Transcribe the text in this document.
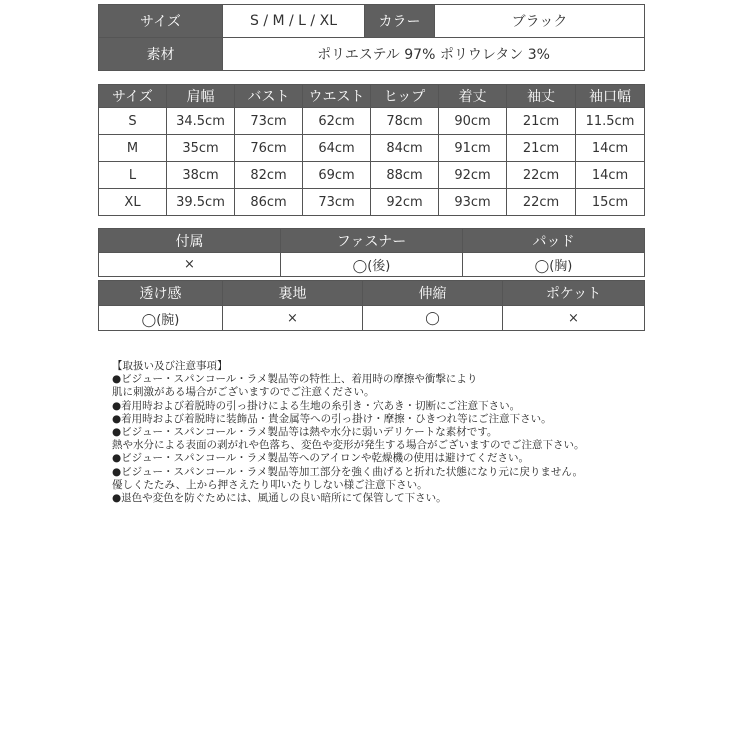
サイズ	S / M / L / XL	カラー	ブラック
素材	ポリエステル 97% ポリウレタン 3%		
サイズ	肩幅	バスト	ウエスト	ヒップ	着丈	袖丈	袖口幅
S	34.5cm	73cm	62cm	78cm	90cm	21cm	11.5cm
M	35cm	76cm	64cm	84cm	91cm	21cm	14cm
L	38cm	82cm	69cm	88cm	92cm	22cm	14cm
XL	39.5cm	86cm	73cm	92cm	93cm	22cm	15cm
付属	ファスナー	パッド
×	◯(後)	◯(胸)
透け感	裏地	伸縮	ポケット
◯(腕)	×	◯	×
【取扱い及び注意事項】
●ビジュー・スパンコール・ラメ製品等の特性上、着用時の摩擦や衝撃により
肌に刺激がある場合がございますのでご注意ください。
●着用時および着脱時の引っ掛けによる生地の糸引き・穴あき・切断にご注意下さい。
●着用時および着脱時に装飾品・貴金属等への引っ掛け・摩擦・ひきつれ等にご注意下さい。
●ビジュー・スパンコール・ラメ製品等は熱や水分に弱いデリケートな素材です。
熱や水分による表面の剥がれや色落ち、変色や変形が発生する場合がございますのでご注意下さい。
●ビジュー・スパンコール・ラメ製品等へのアイロンや乾燥機の使用は避けてください。
●ビジュー・スパンコール・ラメ製品等加工部分を強く曲げると折れた状態になり元に戻りません。
優しくたたみ、上から押さえたり叩いたりしない様ご注意下さい。
●退色や変色を防ぐためには、風通しの良い暗所にて保管して下さい。
